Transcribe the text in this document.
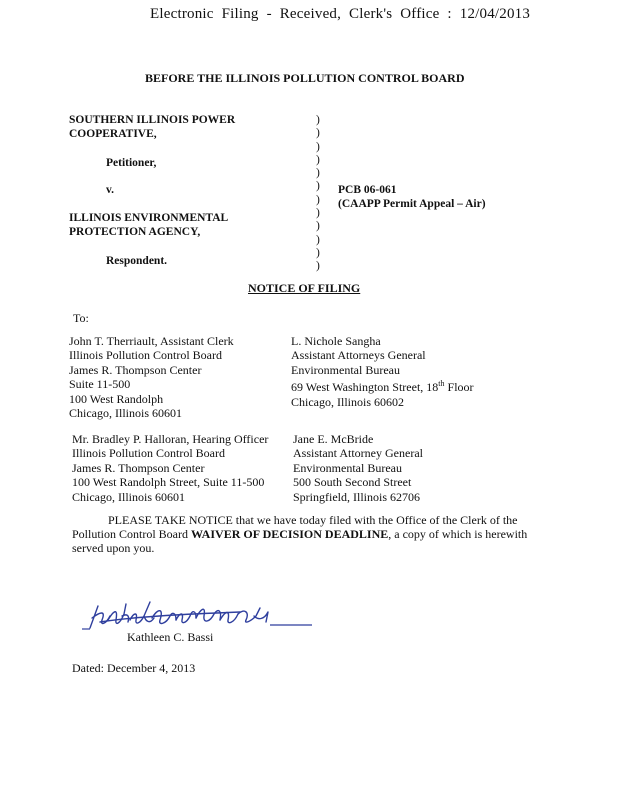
Electronic Filing - Received, Clerk's Office : 12/04/2013
BEFORE THE ILLINOIS POLLUTION CONTROL BOARD
SOUTHERN ILLINOIS POWER
COOPERATIVE,
Petitioner,
v.
ILLINOIS ENVIRONMENTAL
PROTECTION AGENCY,
Respondent.
)
)
)
)
)
)
)
)
)
)
)
)
PCB 06-061
(CAAPP Permit Appeal – Air)
NOTICE OF FILING
To:
John T. Therriault, Assistant Clerk
Illinois Pollution Control Board
James R. Thompson Center
Suite 11-500
100 West Randolph
Chicago, Illinois 60601
L. Nichole Sangha
Assistant Attorneys General
Environmental Bureau
69 West Washington Street, 18th Floor
Chicago, Illinois 60602
Mr. Bradley P. Halloran, Hearing Officer
Illinois Pollution Control Board
James R. Thompson Center
100 West Randolph Street, Suite 11-500
Chicago, Illinois 60601
Jane E. McBride
Assistant Attorney General
Environmental Bureau
500 South Second Street
Springfield, Illinois 62706
PLEASE TAKE NOTICE that we have today filed with the Office of the Clerk of the Pollution Control Board WAIVER OF DECISION DEADLINE, a copy of which is herewith served upon you.
Kathleen C. Bassi
Dated: December 4, 2013
